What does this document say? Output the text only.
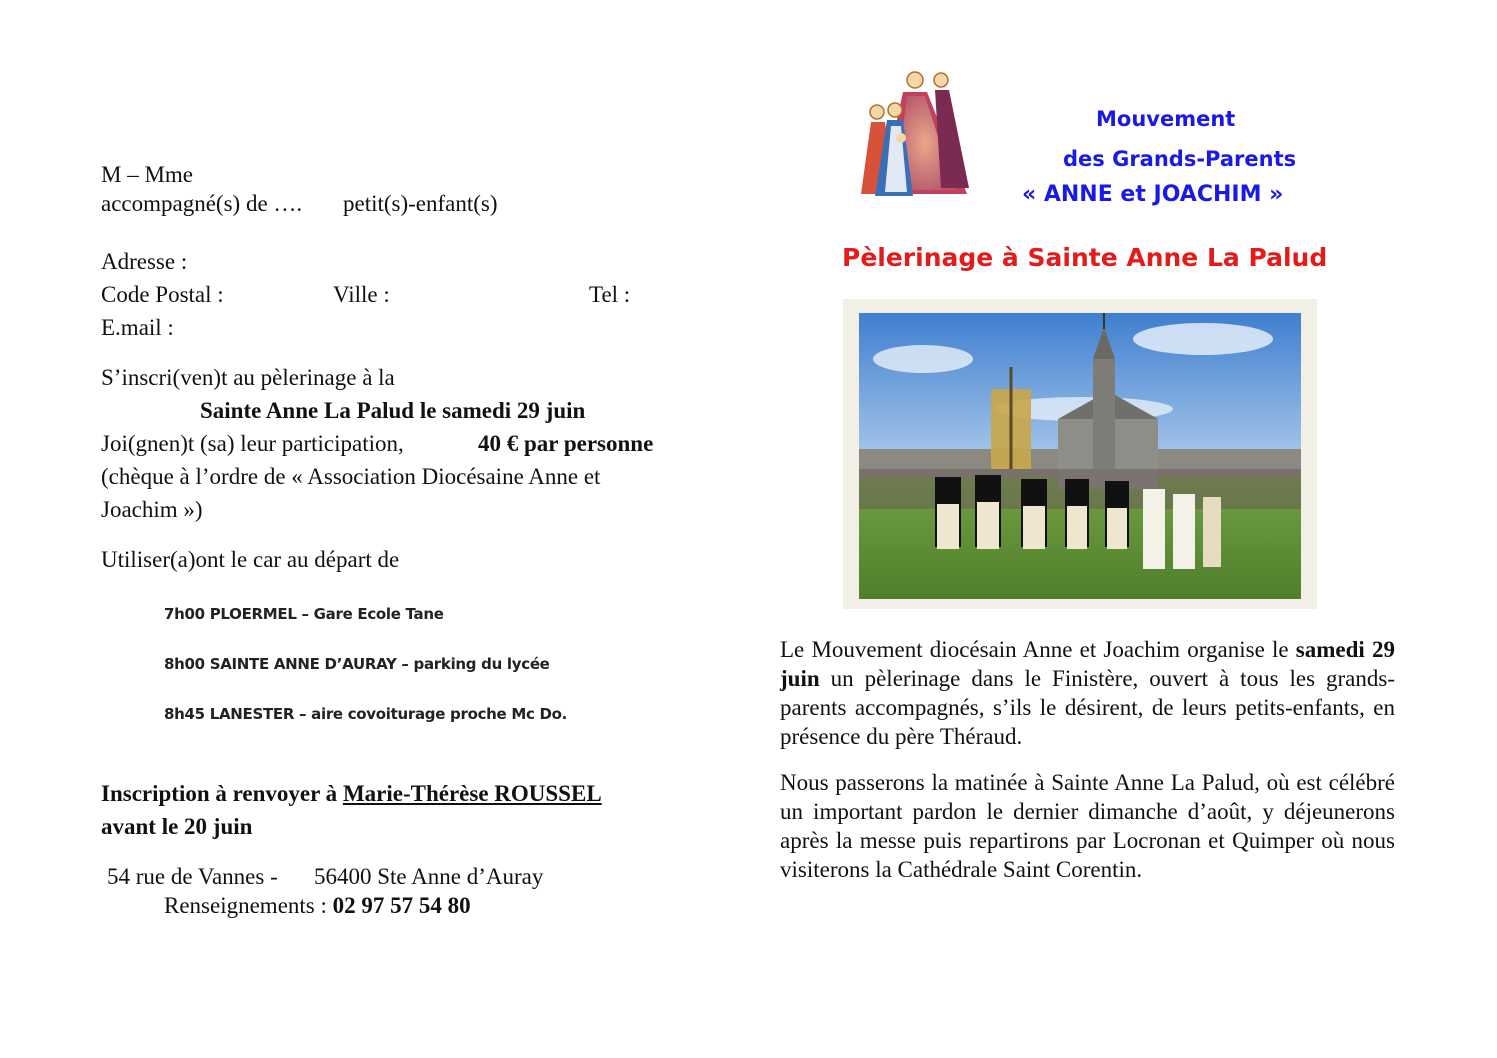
M – Mme
accompagné(s) de …. petit(s)-enfant(s)
Adresse :
Code Postal :	Ville :	Tel :
E.mail :
S’inscri(ven)t au pèlerinage à la
Sainte Anne La Palud le samedi 29 juin
Joi(gnen)t (sa) leur participation,	40 € par personne
(chèque à l’ordre de « Association Diocésaine Anne et
Joachim »)
Utiliser(a)ont le car au départ de
7h00 PLOERMEL – Gare Ecole Tane
8h00 SAINTE ANNE D’AURAY – parking du lycée
8h45 LANESTER – aire covoiturage proche Mc Do.
Inscription à renvoyer à Marie-Thérèse ROUSSEL
avant le 20 juin
54 rue de Vannes - 56400 Ste Anne d’Auray
Renseignements : 02 97 57 54 80
Mouvement
des Grands-Parents
« ANNE et JOACHIM »
Pèlerinage à Sainte Anne La Palud
Le Mouvement diocésain Anne et Joachim organise le samedi 29 juin un pèlerinage dans le Finistère, ouvert à tous les grands-parents accompagnés, s’ils le désirent, de leurs petits-enfants, en présence du père Théraud.
Nous passerons la matinée à Sainte Anne La Palud, où est célébré un important pardon le dernier dimanche d’août, y déjeunerons après la messe puis repartirons par Locronan et Quimper où nous visiterons la Cathédrale Saint Corentin.
